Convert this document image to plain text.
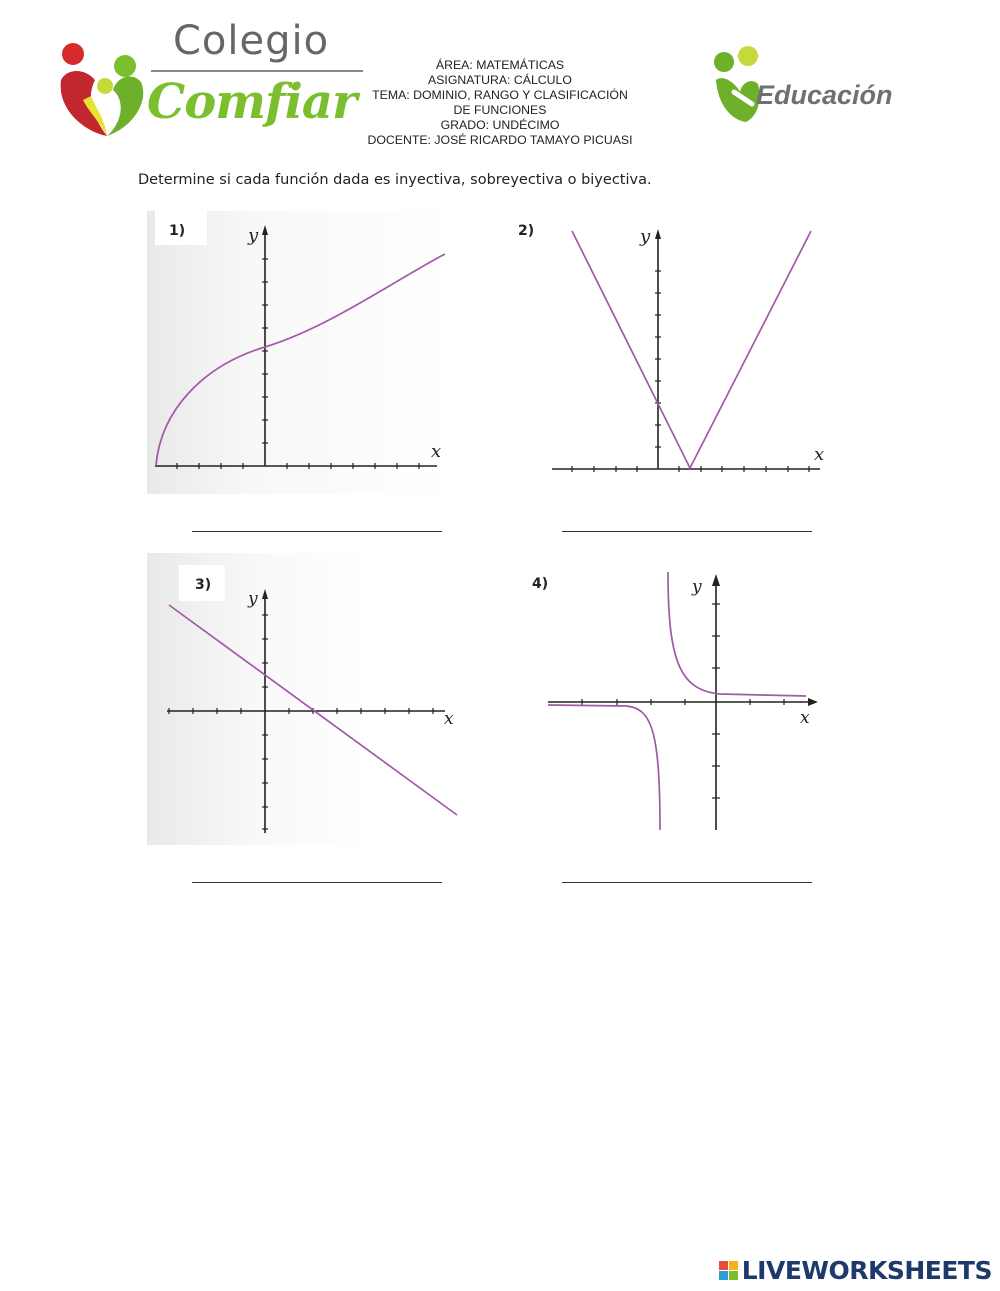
Colegio
Comfiar
ÁREA: MATEMÁTICAS
ASIGNATURA: CÁLCULO
TEMA: DOMINIO, RANGO Y CLASIFICACIÓN
DE FUNCIONES
GRADO: UNDÉCIMO
DOCENTE: JOSÉ RICARDO TAMAYO PICUASI
Educación
Determine si cada función dada es inyectiva, sobreyectiva o biyectiva.
1)	y
x
2)	y
x
3)
y
x
4)	y
x
LIVEWORKSHEETS
